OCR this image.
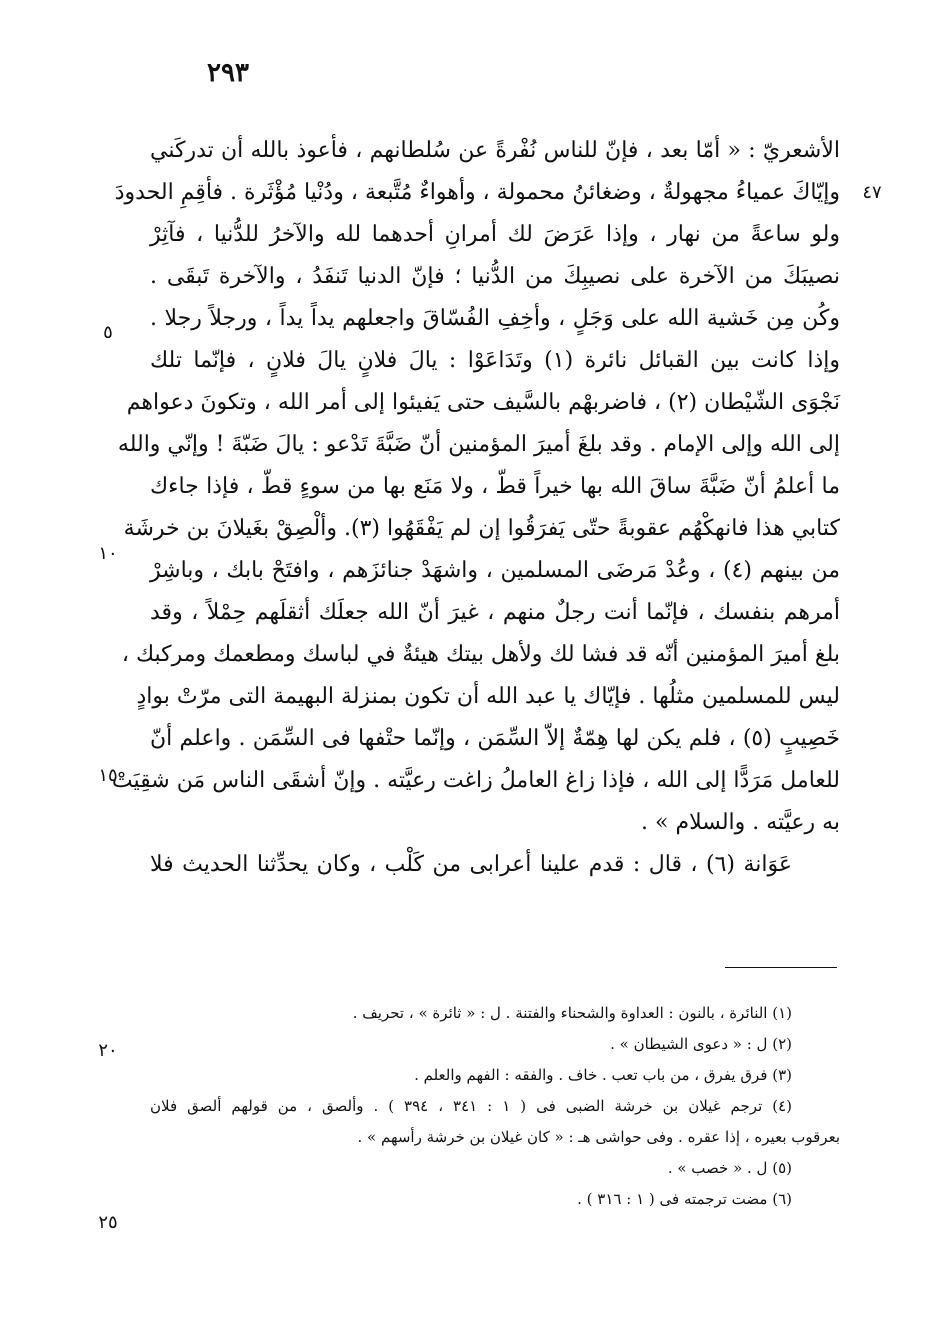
٢٩٣
٤٧
٥
١٠
١٥
٢٠
٢٥
الأشعريّ : « أمّا بعد ، فإنّ للناس نُفْرةً عن سُلطانهم ، فأعوذ بالله أن تدركَني
وإيّاكَ عمياءُ مجهولةٌ ، وضغائنُ محمولة ، وأهواءٌ مُتَّبعة ، ودُنْيا مُؤْثَرة . فأقِمِ الحدودَ
ولو ساعةً من نهار ، وإذا عَرَضَ لك أمرانِ أحدهما لله والآخرُ للدُّنيا ، فآثِرْ
نصيبَكَ من الآخرة على نصيبِكَ من الدُّنيا ؛ فإنّ الدنيا تَنفَدُ ، والآخرة تَبقَى .
وكُن مِن خَشية الله على وَجَلٍ ، وأخِفِ الفُسّاقَ واجعلهم يداً يداً ، ورجلاً رجلا .
وإذا كانت بين القبائل نائرة (١) وتَدَاعَوْا : يالَ فلانٍ يالَ فلانٍ ، فإنّما تلك
نَجْوَى الشّيْطان (٢) ، فاضربهْم بالسَّيف حتى يَفيئوا إلى أمر الله ، وتكونَ دعواهم
إلى الله وإلى الإمام . وقد بلغَ أميرَ المؤمنين أنّ ضَبَّةَ تَدْعو : يالَ ضَبّةَ ! وإنّي والله
ما أعلمُ أنّ ضَبَّةَ ساقَ الله بها خيراً قطّ ، ولا مَنَع بها من سوءٍ قطّ ، فإذا جاءك
كتابي هذا فانهكْهُم عقوبةً حتّى يَفرَقُوا إن لم يَفْقَهُوا (٣). وألْصِقْ بغَيلانَ بن خرشَة
من بينهم (٤) ، وعُدْ مَرضَى المسلمين ، واشهَدْ جنائزَهم ، وافتَحْ بابك ، وباشِرْ
أمرهم بنفسك ، فإنّما أنت رجلٌ منهم ، غيرَ أنّ الله جعلَك أثقلَهم حِمْلاً ، وقد
بلغ أميرَ المؤمنين أنّه قد فشا لك ولأهل بيتك هيئةٌ في لباسك ومطعمك ومركبك ،
ليس للمسلمين مثلُها . فإيّاك يا عبد الله أن تكون بمنزلة البهيمة التى مرّتْ بوادٍ
خَصِيبٍ (٥) ، فلم يكن لها هِمّةٌ إلاّ السِّمَن ، وإنّما حتْفها فى السِّمَن . واعلم أنّ
للعامل مَرَدًّا إلى الله ، فإذا زاغ العاملُ زاغت رعيَّته . وإنّ أشقَى الناس مَن شقِيَتْ
به رعيَّته . والسلام » .
عَوَانة (٦) ، قال : قدم علينا أعرابى من كَلْب ، وكان يحدِّثنا الحديث فلا
(١) النائرة ، بالنون : العداوة والشحناء والفتنة . ل : « ثائرة » ، تحريف .
(٢) ل : « دعوى الشيطان » .
(٣) فرق يفرق ، من باب تعب . خاف . والفقه : الفهم والعلم .
(٤) ترجم غيلان بن خرشة الضبى فى ( ١ : ٣٤١ ، ٣٩٤ ) . وألصق ، من قولهم ألصق فلان
بعرقوب بعيره ، إذا عقره . وفى حواشى هـ : « كان غيلان بن خرشة رأسهم » .
(٥) ل . « خصب » .
(٦) مضت ترجمته فى ( ١ : ٣١٦ ) .
